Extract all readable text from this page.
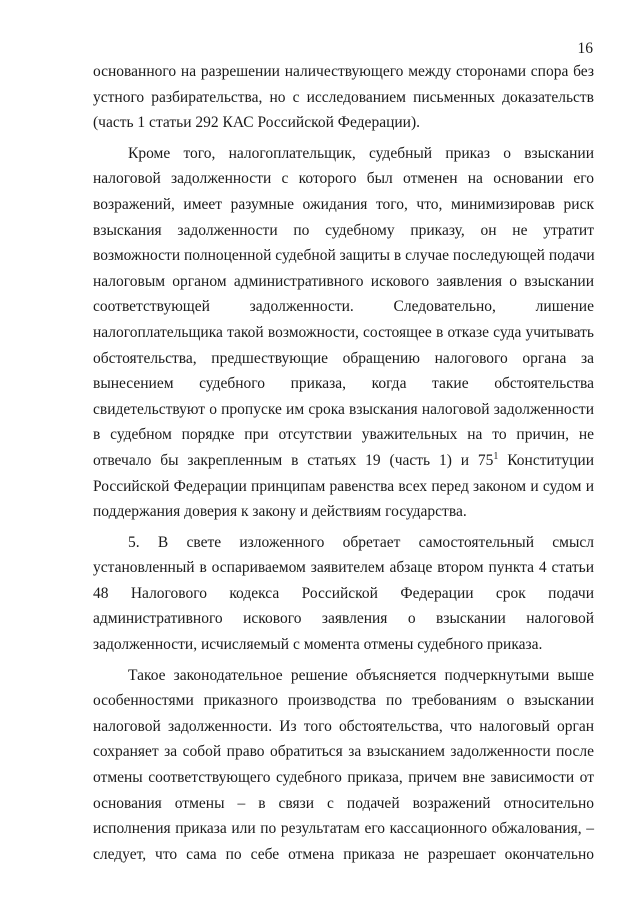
16
основанного на разрешении наличествующего между сторонами спора без
устного разбирательства, но с исследованием письменных доказательств
(часть 1 статьи 292 КАС Российской Федерации).
Кроме того, налогоплательщик, судебный приказ о взыскании
налоговой задолженности с которого был отменен на основании его
возражений, имеет разумные ожидания того, что, минимизировав риск
взыскания задолженности по судебному приказу, он не утратит
возможности полноценной судебной защиты в случае последующей подачи
налоговым органом административного искового заявления о взыскании
соответствующей задолженности. Следовательно, лишение
налогоплательщика такой возможности, состоящее в отказе суда учитывать
обстоятельства, предшествующие обращению налогового органа за
вынесением судебного приказа, когда такие обстоятельства
свидетельствуют о пропуске им срока взыскания налоговой задолженности
в судебном порядке при отсутствии уважительных на то причин, не
отвечало бы закрепленным в статьях 19 (часть 1) и $75^1$ Конституции
Российской Федерации принципам равенства всех перед законом и судом и
поддержания доверия к закону и действиям государства.
5. В свете изложенного обретает самостоятельный смысл
установленный в оспариваемом заявителем абзаце втором пункта 4 статьи
48 Налогового кодекса Российской Федерации срок подачи
административного искового заявления о взыскании налоговой
задолженности, исчисляемый с момента отмены судебного приказа.
Такое законодательное решение объясняется подчеркнутыми выше
особенностями приказного производства по требованиям о взыскании
налоговой задолженности. Из того обстоятельства, что налоговый орган
сохраняет за собой право обратиться за взысканием задолженности после
отмены соответствующего судебного приказа, причем вне зависимости от
основания отмены – в связи с подачей возражений относительно
исполнения приказа или по результатам его кассационного обжалования, –
следует, что сама по себе отмена приказа не разрешает окончательно
